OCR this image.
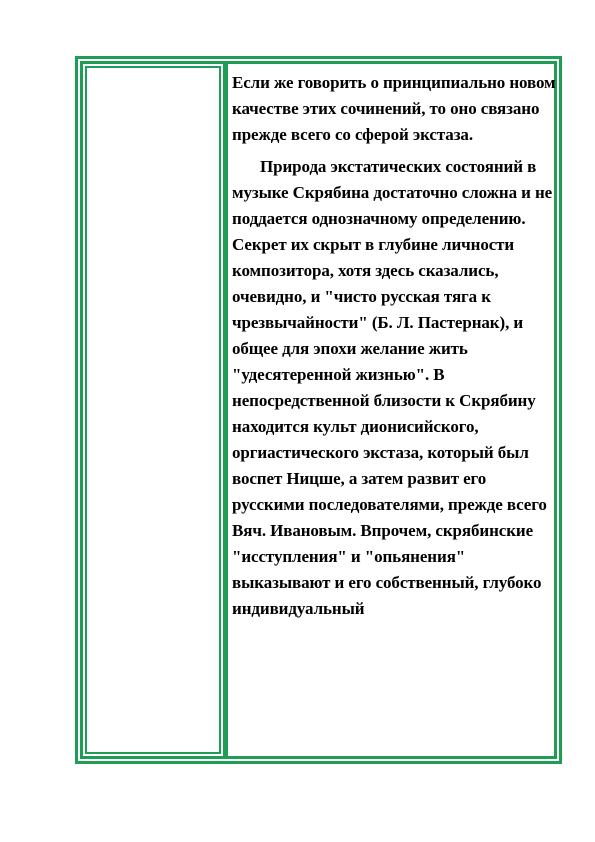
Если же говорить о принципиально новом качестве этих сочинений, то оно связано прежде всего со сферой экстаза.

Природа экстатических состояний в музыке Скрябина достаточно сложна и не поддается однозначному определению. Секрет их скрыт в глубине личности композитора, хотя здесь сказались, очевидно, и "чисто русская тяга к чрезвычайности" (Б. Л. Пастернак), и общее для эпохи желание жить "удесятеренной жизнью". В непосредственной близости к Скрябину находится культ дионисийского, оргиастического экстаза, который был воспет Ницше, а затем развит его русскими последователями, прежде всего Вяч. Ивановым. Впрочем, скрябинские "исступления" и "опьянения" выказывают и его собственный, глубоко индивидуальный
